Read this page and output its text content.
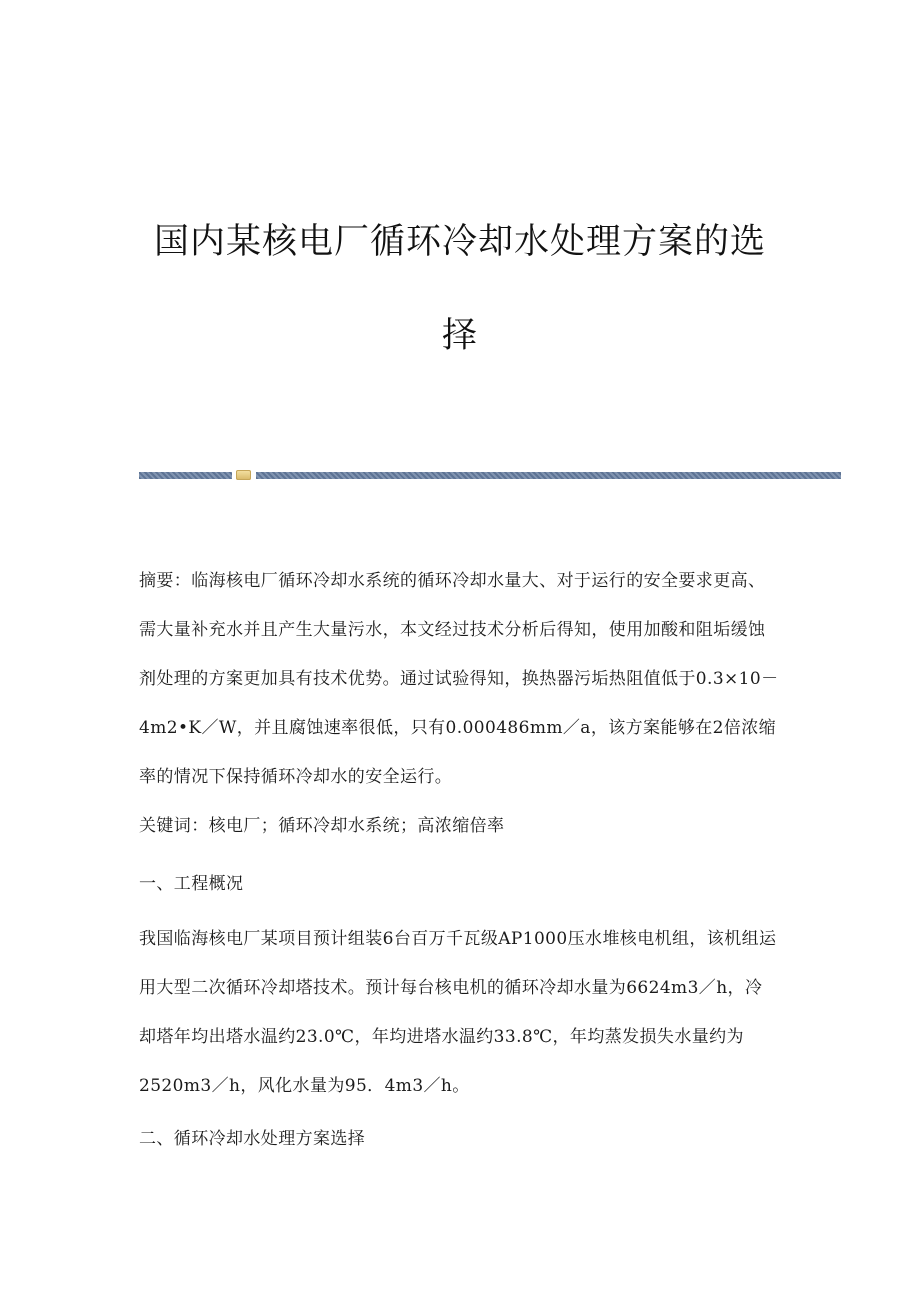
国内某核电厂循环冷却水处理方案的选
择

摘要：临海核电厂循环冷却水系统的循环冷却水量大、对于运行的安全要求更高、需大量补充水并且产生大量污水，本文经过技术分析后得知，使用加酸和阻垢缓蚀剂处理的方案更加具有技术优势。通过试验得知，换热器污垢热阻值低于0.3×10－4m2•K／W，并且腐蚀速率很低，只有0.000486mm／a，该方案能够在2倍浓缩率的情况下保持循环冷却水的安全运行。

关键词：核电厂；循环冷却水系统；高浓缩倍率

一、工程概况

我国临海核电厂某项目预计组装6台百万千瓦级AP1000压水堆核电机组，该机组运用大型二次循环冷却塔技术。预计每台核电机的循环冷却水量为6624m3／h，冷却塔年均出塔水温约23.0℃，年均进塔水温约33.8℃，年均蒸发损失水量约为2520m3／h，风化水量为95．4m3／h。

二、循环冷却水处理方案选择
